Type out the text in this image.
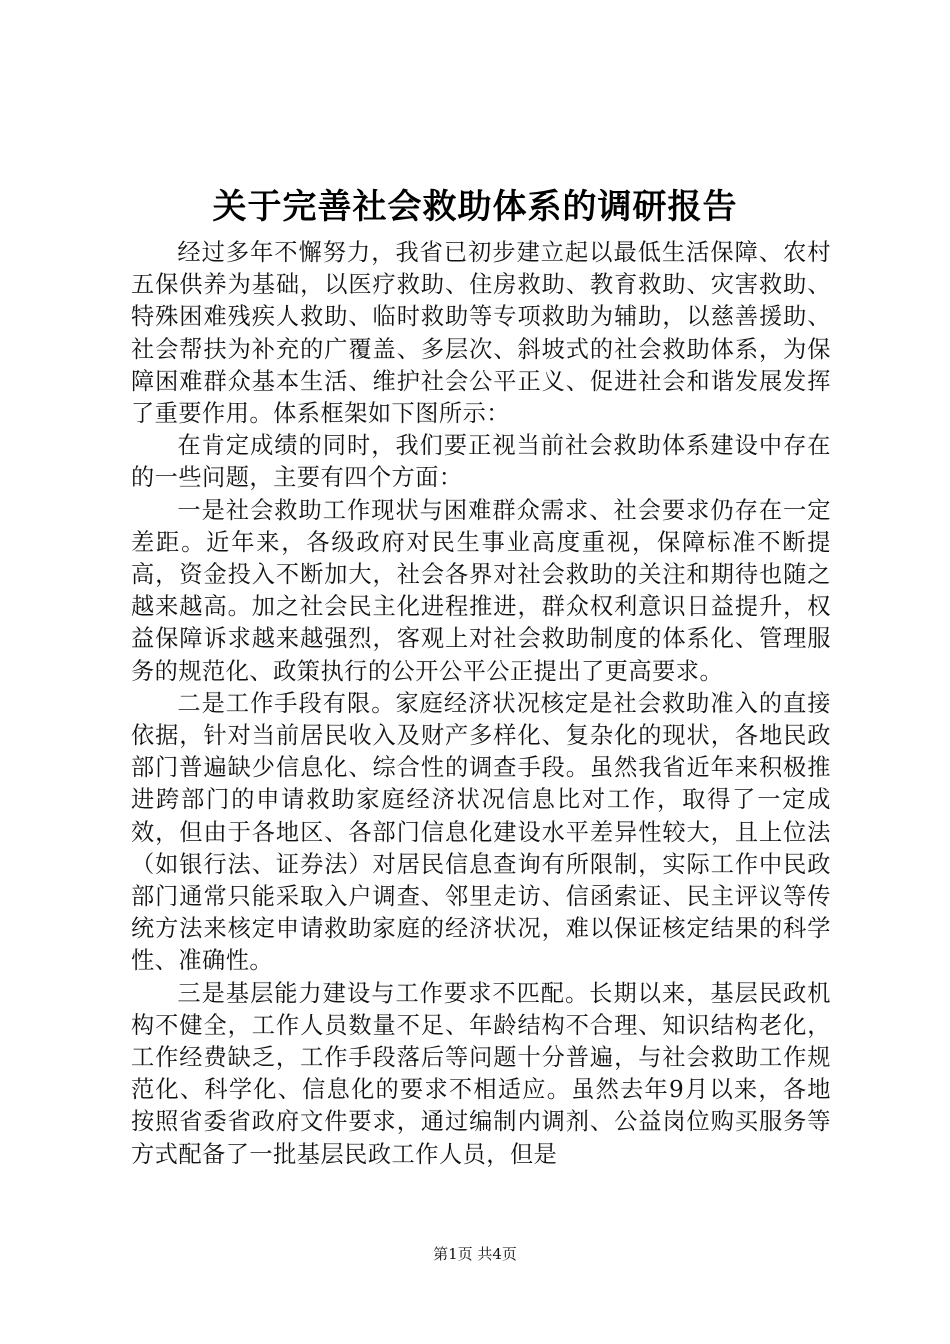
关于完善社会救助体系的调研报告

经过多年不懈努力，我省已初步建立起以最低生活保障、农村五保供养为基础，以医疗救助、住房救助、教育救助、灾害救助、特殊困难残疾人救助、临时救助等专项救助为辅助，以慈善援助、社会帮扶为补充的广覆盖、多层次、斜坡式的社会救助体系，为保障困难群众基本生活、维护社会公平正义、促进社会和谐发展发挥了重要作用。体系框架如下图所示：

在肯定成绩的同时，我们要正视当前社会救助体系建设中存在的一些问题，主要有四个方面：

一是社会救助工作现状与困难群众需求、社会要求仍存在一定差距。近年来，各级政府对民生事业高度重视，保障标准不断提高，资金投入不断加大，社会各界对社会救助的关注和期待也随之越来越高。加之社会民主化进程推进，群众权利意识日益提升，权益保障诉求越来越强烈，客观上对社会救助制度的体系化、管理服务的规范化、政策执行的公开公平公正提出了更高要求。

二是工作手段有限。家庭经济状况核定是社会救助准入的直接依据，针对当前居民收入及财产多样化、复杂化的现状，各地民政部门普遍缺少信息化、综合性的调查手段。虽然我省近年来积极推进跨部门的申请救助家庭经济状况信息比对工作，取得了一定成效，但由于各地区、各部门信息化建设水平差异性较大，且上位法（如银行法、证券法）对居民信息查询有所限制，实际工作中民政部门通常只能采取入户调查、邻里走访、信函索证、民主评议等传统方法来核定申请救助家庭的经济状况，难以保证核定结果的科学性、准确性。

三是基层能力建设与工作要求不匹配。长期以来，基层民政机构不健全，工作人员数量不足、年龄结构不合理、知识结构老化，工作经费缺乏，工作手段落后等问题十分普遍，与社会救助工作规范化、科学化、信息化的要求不相适应。虽然去年9月以来，各地按照省委省政府文件要求，通过编制内调剂、公益岗位购买服务等方式配备了一批基层民政工作人员，但是

第1页 共4页
